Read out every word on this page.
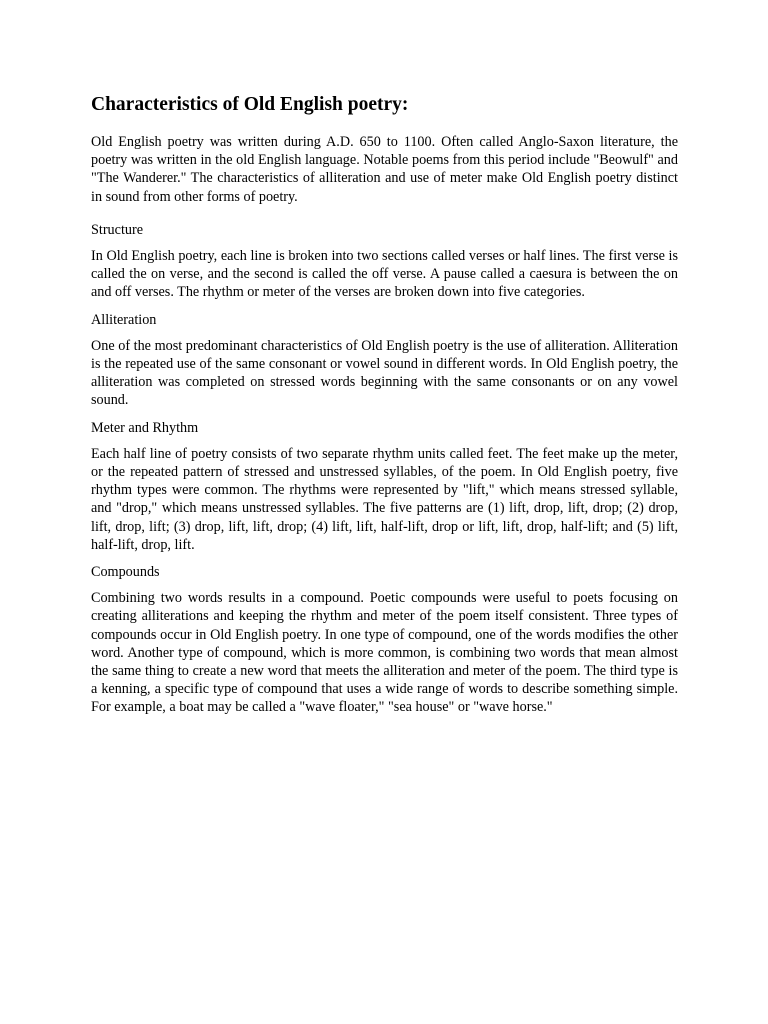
Characteristics of Old English poetry:

Old English poetry was written during A.D. 650 to 1100. Often called Anglo-Saxon literature, the poetry was written in the old English language. Notable poems from this period include "Beowulf" and "The Wanderer." The characteristics of alliteration and use of meter make Old English poetry distinct in sound from other forms of poetry.

Structure

In Old English poetry, each line is broken into two sections called verses or half lines. The first verse is called the on verse, and the second is called the off verse. A pause called a caesura is between the on and off verses. The rhythm or meter of the verses are broken down into five categories.

Alliteration

One of the most predominant characteristics of Old English poetry is the use of alliteration. Alliteration is the repeated use of the same consonant or vowel sound in different words. In Old English poetry, the alliteration was completed on stressed words beginning with the same consonants or on any vowel sound.

Meter and Rhythm

Each half line of poetry consists of two separate rhythm units called feet. The feet make up the meter, or the repeated pattern of stressed and unstressed syllables, of the poem. In Old English poetry, five rhythm types were common. The rhythms were represented by "lift," which means stressed syllable, and "drop," which means unstressed syllables. The five patterns are (1) lift, drop, lift, drop; (2) drop, lift, drop, lift; (3) drop, lift, lift, drop; (4) lift, lift, half-lift, drop or lift, lift, drop, half-lift; and (5) lift, half-lift, drop, lift.

Compounds

Combining two words results in a compound. Poetic compounds were useful to poets focusing on creating alliterations and keeping the rhythm and meter of the poem itself consistent. Three types of compounds occur in Old English poetry. In one type of compound, one of the words modifies the other word. Another type of compound, which is more common, is combining two words that mean almost the same thing to create a new word that meets the alliteration and meter of the poem. The third type is a kenning, a specific type of compound that uses a wide range of words to describe something simple. For example, a boat may be called a "wave floater," "sea house" or "wave horse."
